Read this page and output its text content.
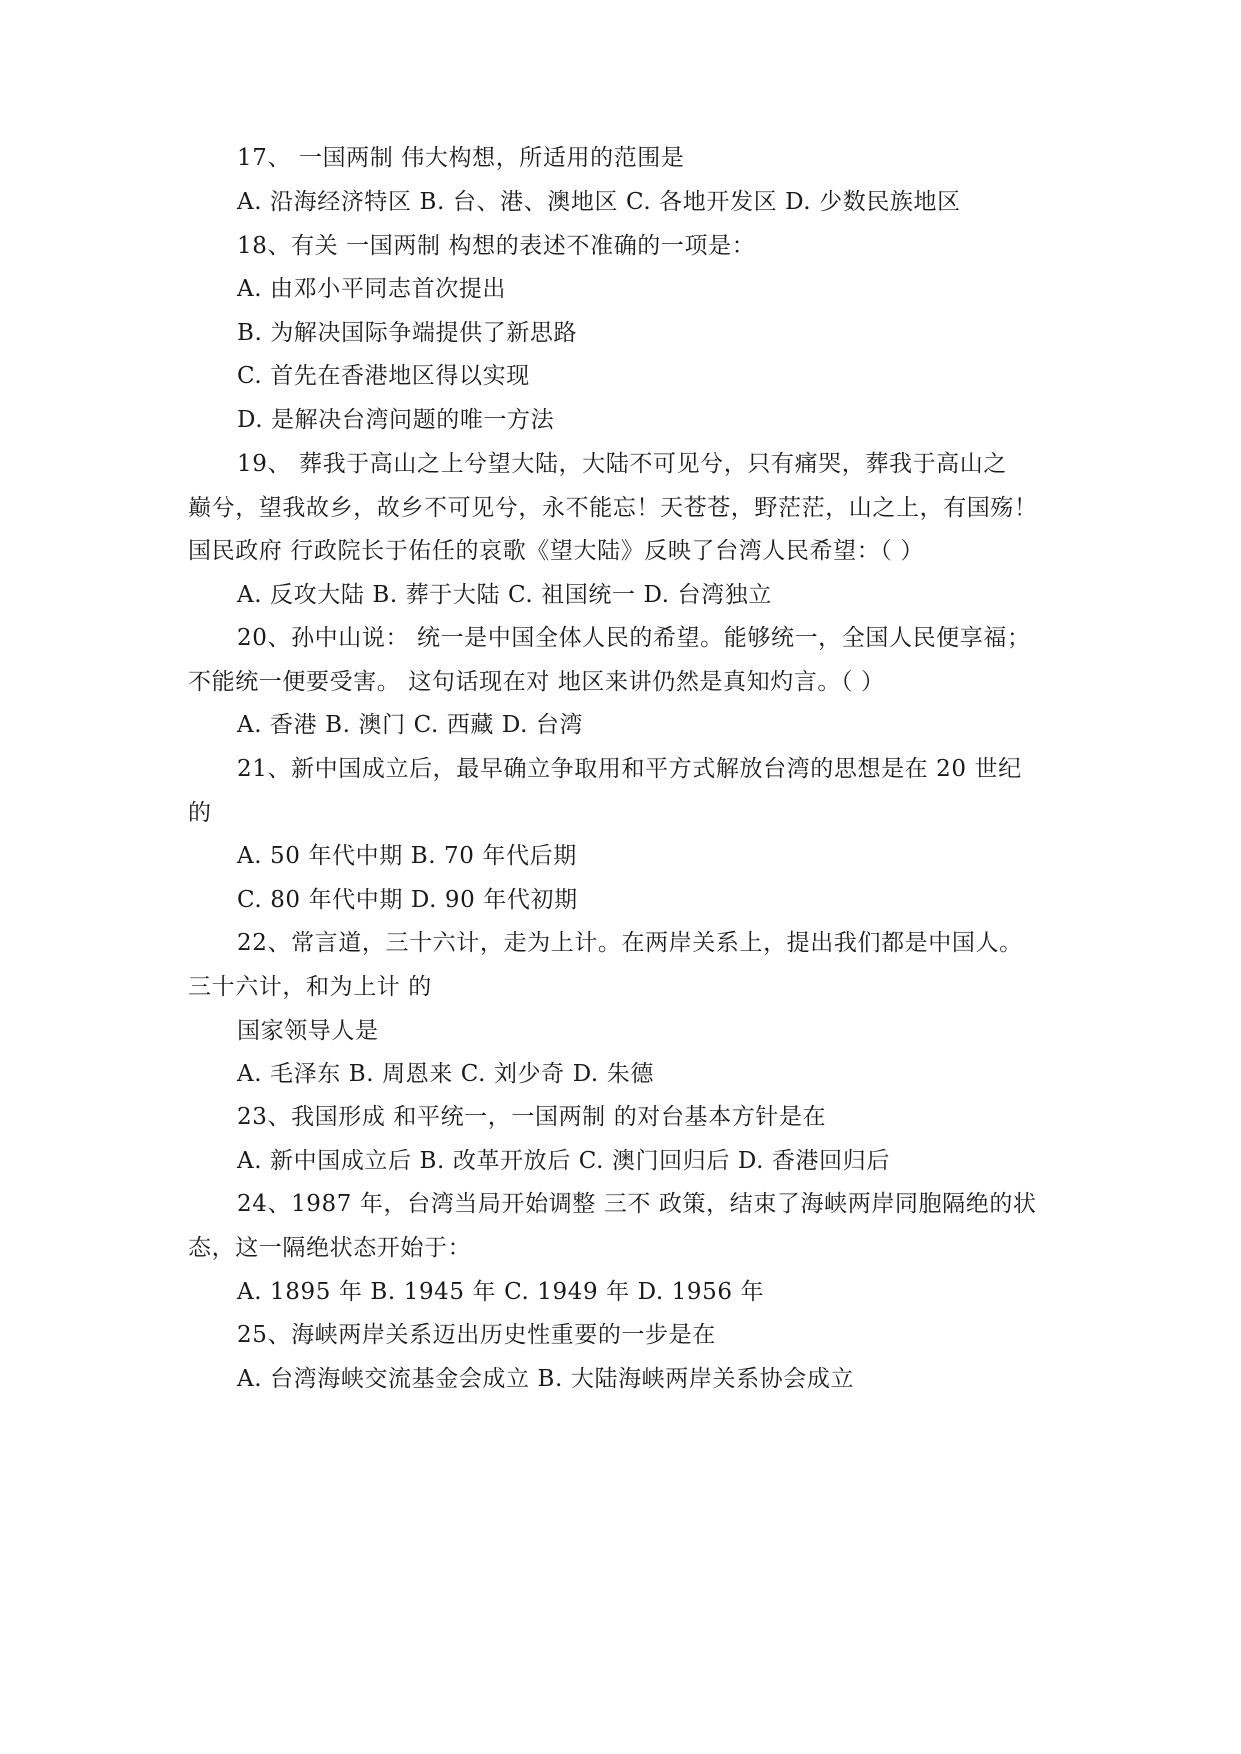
17、 一国两制 伟大构想，所适用的范围是
A. 沿海经济特区 B. 台、港、澳地区 C. 各地开发区 D. 少数民族地区
18、有关 一国两制 构想的表述不准确的一项是：
A. 由邓小平同志首次提出
B. 为解决国际争端提供了新思路
C. 首先在香港地区得以实现
D. 是解决台湾问题的唯一方法
19、 葬我于高山之上兮望大陆，大陆不可见兮，只有痛哭，葬我于高山之
巅兮，望我故乡，故乡不可见兮，永不能忘！天苍苍，野茫茫，山之上，有国殇！
国民政府 行政院长于佑任的哀歌《望大陆》反映了台湾人民希望：（ ）
A. 反攻大陆 B. 葬于大陆 C. 祖国统一 D. 台湾独立
20、孙中山说： 统一是中国全体人民的希望。能够统一，全国人民便享福；
不能统一便要受害。 这句话现在对 地区来讲仍然是真知灼言。（ ）
A. 香港 B. 澳门 C. 西藏 D. 台湾
21、新中国成立后，最早确立争取用和平方式解放台湾的思想是在 20 世纪
的
A. 50 年代中期 B. 70 年代后期
C. 80 年代中期 D. 90 年代初期
22、常言道，三十六计，走为上计。在两岸关系上，提出我们都是中国人。
三十六计，和为上计 的
国家领导人是
A. 毛泽东 B. 周恩来 C. 刘少奇 D. 朱德
23、我国形成 和平统一，一国两制 的对台基本方针是在
A. 新中国成立后 B. 改革开放后 C. 澳门回归后 D. 香港回归后
24、1987 年，台湾当局开始调整 三不 政策，结束了海峡两岸同胞隔绝的状
态，这一隔绝状态开始于：
A. 1895 年 B. 1945 年 C. 1949 年 D. 1956 年
25、海峡两岸关系迈出历史性重要的一步是在
A. 台湾海峡交流基金会成立 B. 大陆海峡两岸关系协会成立
